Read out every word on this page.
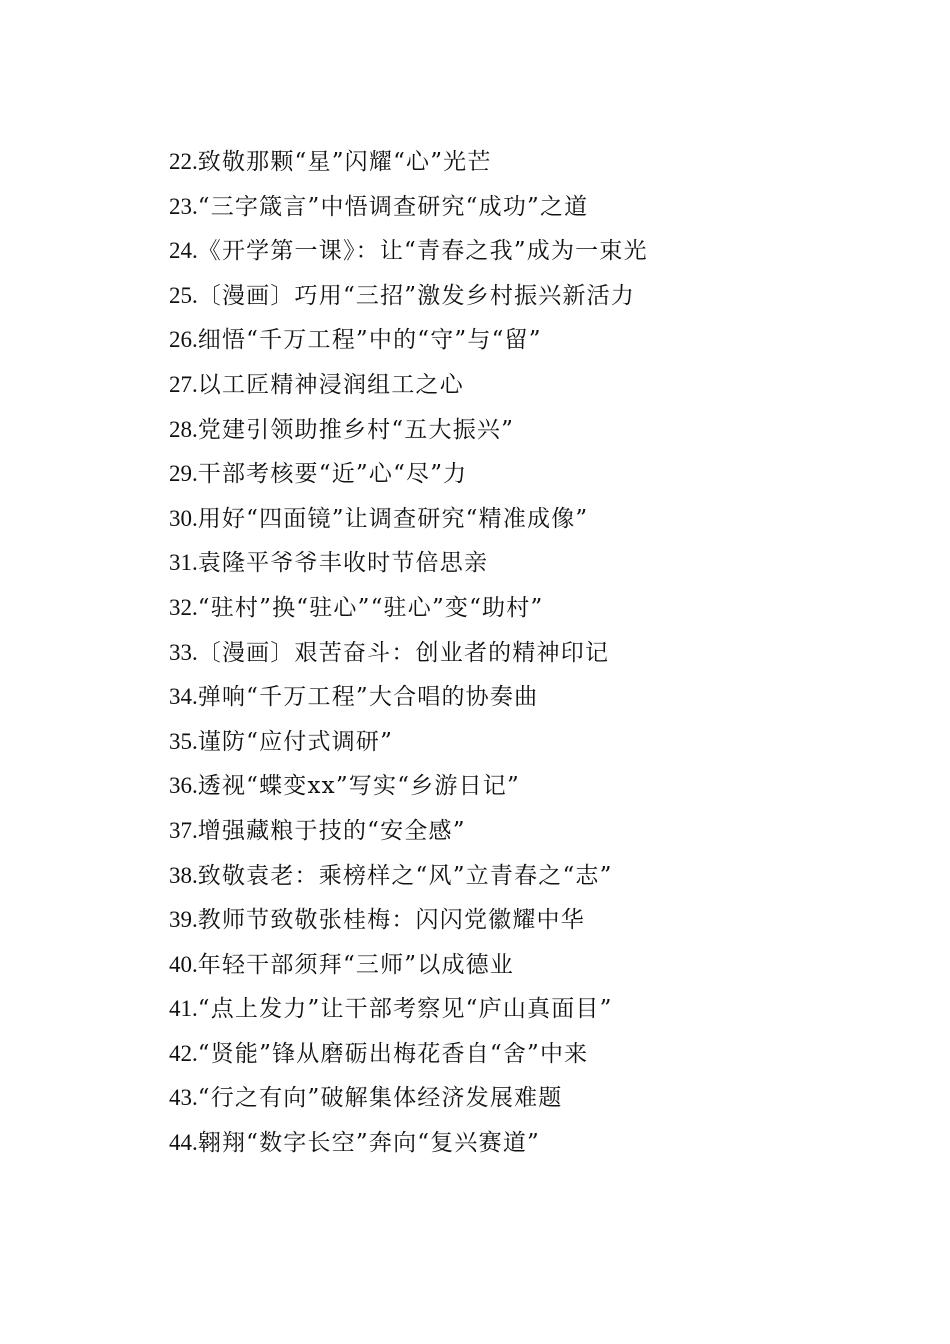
22.致敬那颗“星”闪耀“心”光芒
23.“三字箴言”中悟调查研究“成功”之道
24.《开学第一课》：让“青春之我”成为一束光
25.〔漫画〕巧用“三招”激发乡村振兴新活力
26.细悟“千万工程”中的“守”与“留”
27.以工匠精神浸润组工之心
28.党建引领助推乡村“五大振兴”
29.干部考核要“近”心“尽”力
30.用好“四面镜”让调查研究“精准成像”
31.袁隆平爷爷丰收时节倍思亲
32.“驻村”换“驻心”“驻心”变“助村”
33.〔漫画〕艰苦奋斗：创业者的精神印记
34.弹响“千万工程”大合唱的协奏曲
35.谨防“应付式调研”
36.透视“蝶变xx”写实“乡游日记”
37.增强藏粮于技的“安全感”
38.致敬袁老：乘榜样之“风”立青春之“志”
39.教师节致敬张桂梅：闪闪党徽耀中华
40.年轻干部须拜“三师”以成德业
41.“点上发力”让干部考察见“庐山真面目”
42.“贤能”锋从磨砺出梅花香自“舍”中来
43.“行之有向”破解集体经济发展难题
44.翱翔“数字长空”奔向“复兴赛道”
